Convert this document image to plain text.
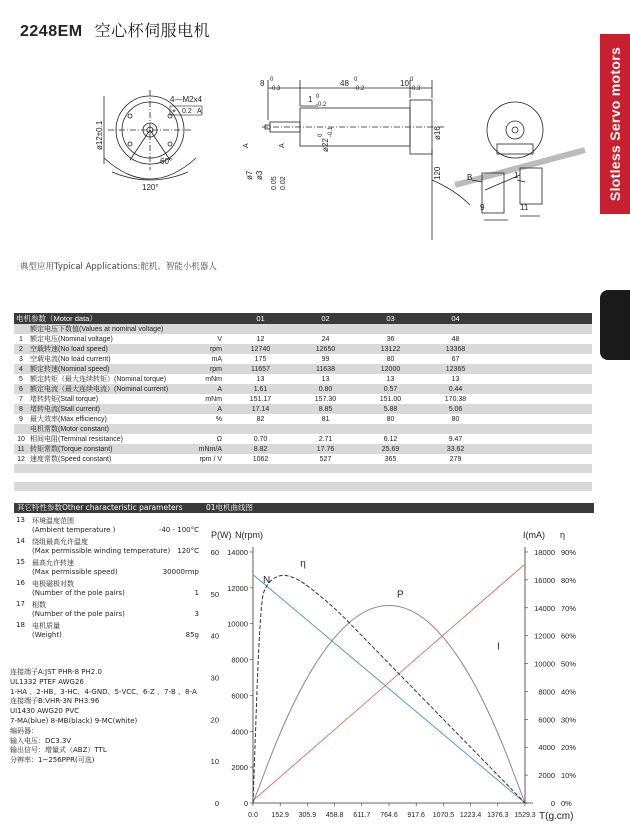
2248EM 空心杯伺服电机
Slotless Servo motors
4—M2x4
⌖ 0.2 A
60°
120°
ø12±0.1
8 0
-0.3
48 0
-0.2
10 0
-0.3
1 0
-0.2
ø22
0 -0.1	ø16
120
ø7 ø3
0.02
0.05
A	A
B	1
9	11
典型应用Typical Applications:舵机、智能小机器人
电机参数（Motor data）			01	02	03	04	
	额定电压下数值(Values at nominal voltage)						
1	额定电压(Nominal voltage)	V	12	24	36	48	
2	空载转速(No load speed)	rpm	12740	12650	13122	13368	
3	空载电流(No load current)	mA	175	99	80	67	
4	额定转速(Nominal speed)	rpm	11657	11638	12000	12365	
5	额定转矩（最大连续转矩）(Nominal torque)	mNm	13	13	13	13	
6	额定电流（最大连续电流）(Nominal current)	A	1.61	0.80	0.57	0.44	
7	堵转转矩(Stall torque)	mNm	151.17	157.30	151.00	170.38	
8	堵转电流(Stall current)	A	17.14	8.85	5.88	5.06	
9	最大效率(Max efficiency)	%	82	81	80	80	
	电机常数(Motor constant)						
10	相间电阻(Terminal resistance)	Ω	0.70	2.71	6.12	9.47	
11	转矩常数(Torque constant)	mNm/A	8.82	17.76	25.69	33.62	
12	速度常数(Speed constant)	rpm / V	1062	527	365	279	

其它特性参数Other characteristic parameters	01电机曲线图
13	环境温度范围
(Ambient temperature )	-40 - 100°C
14	绕组最高允许温度
(Max permissible winding temperature) 120°C
15	最高允许转速
(Max permissible speed)	30000rmp
16	电极磁极对数
(Number of the pole pairs)	1
17	相数
(Number of the pole pairs)	3
18	电机质量
(Weight)	85g
连接端子A:JST PHR-8 PH2.0
UL1332 PTEF AWG26
1-HA 、2-HB、3-HC、4-GND、5-VCC、6-Z 、7-B 、8-A
连接端子B:VHR-3N PH3.96
UI1430 AWG20 PVC
7-MA(blue) 8-MB(black) 9-MC(white)
编码器：
输入电压：DC3.3V
输出信号：增量式（ABZ）TTL
分辨率：1~256PPR(可选)
0.0 152.9 305.9 458.8 611.7 764.6 917.6 1070.5 1223.4 1376.3 1529.3 T(g.cm)
0
10
20
30
40
50
60
0
2000
4000
6000
8000
10000
12000
14000
0
2000
4000
6000
8000
10000
12000
14000
16000
18000
0%
10%
20%
30%
40%
50%
60%
70%
80%
90%
P(W) N(rpm)	I(mA) η
N
I
P
η
